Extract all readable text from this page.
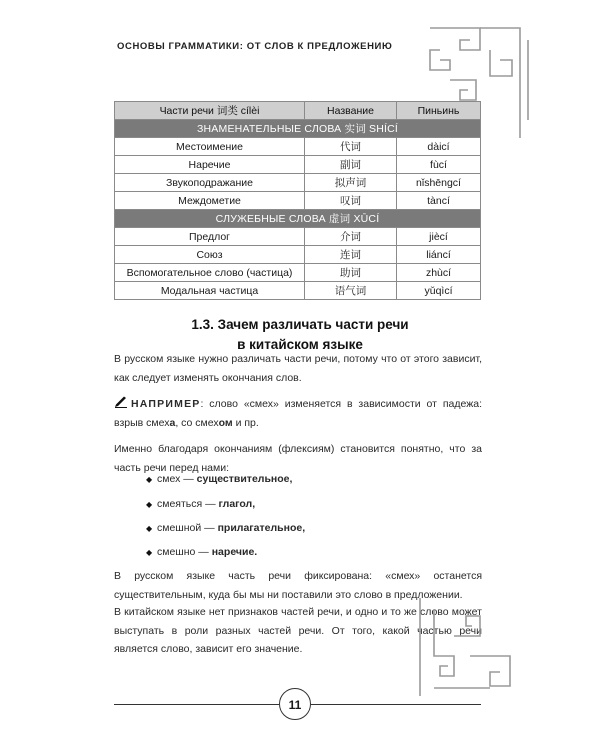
ОСНОВЫ ГРАММАТИКИ: ОТ СЛОВ К ПРЕДЛОЖЕНИЮ
Части речи 词类 cílèi	Название	Пиньинь
ЗНАМЕНАТЕЛЬНЫЕ СЛОВА 实词 SHÍCÍ		
Местоимение	代词	dàicí
Наречие	副词	fùcí
Звукоподражание	拟声词	nǐshēngcí
Междометие	叹词	tàncí
СЛУЖЕБНЫЕ СЛОВА 虚词 XŪCÍ		
Предлог	介词	jiècí
Союз	连词	liáncí
Вспомогательное слово (частица)	助词	zhùcí
Модальная частица	语气词	yǔqìcí
1.3. Зачем различать части речи
в китайском языке

В русском языке нужно различать части речи, потому что от этого зависит, как следует изменять окончания слов.

НАПРИМЕР: слово «смех» изменяется в зависимости от падежа: взрыв смеха, со смехом и пр.

Именно благодаря окончаниям (флексиям) становится понятно, что за часть речи перед нами:

◆ смех — существительное,
◆ смеяться — глагол,
◆ смешной — прилагательное,
◆ смешно — наречие.

В русском языке часть речи фиксирована: «смех» останется существительным, куда бы мы ни поставили это слово в предложении.

В китайском языке нет признаков частей речи, и одно и то же слово может выступать в роли разных частей речи. От того, какой частью речи является слово, зависит его значение.

11
